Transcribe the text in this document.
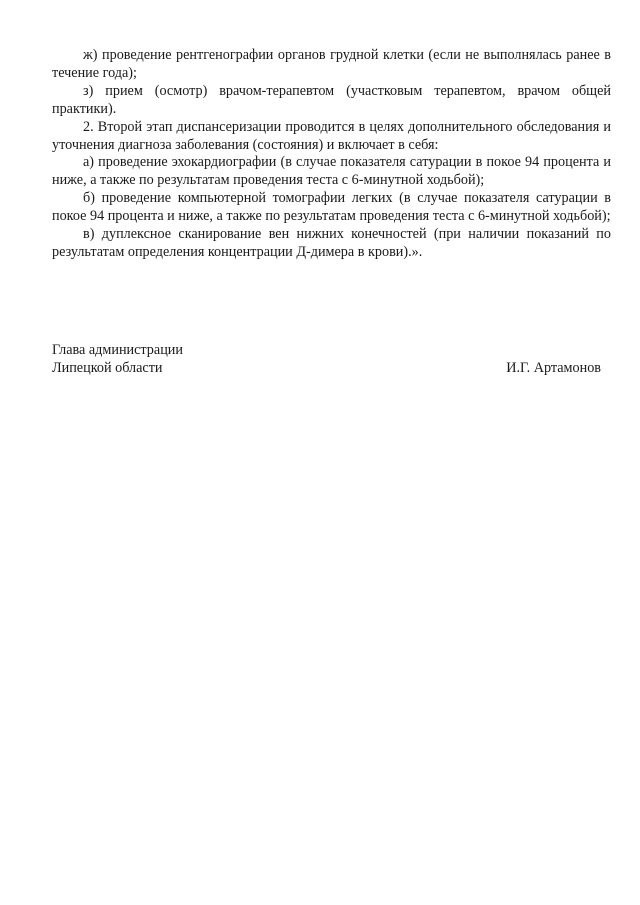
ж) проведение рентгенографии органов грудной клетки (если не выполнялась ранее в течение года);

з) прием (осмотр) врачом-терапевтом (участковым терапевтом, врачом общей практики).

2. Второй этап диспансеризации проводится в целях дополнительного обследования и уточнения диагноза заболевания (состояния) и включает в себя:

а) проведение эхокардиографии (в случае показателя сатурации в покое 94 процента и ниже, а также по результатам проведения теста с 6-минутной ходьбой);

б) проведение компьютерной томографии легких (в случае показателя сатурации в покое 94 процента и ниже, а также по результатам проведения теста с 6-минутной ходьбой);

в) дуплексное сканирование вен нижних конечностей (при наличии показаний по результатам определения концентрации Д-димера в крови).».

Глава администрации
Липецкой области	И.Г. Артамонов
